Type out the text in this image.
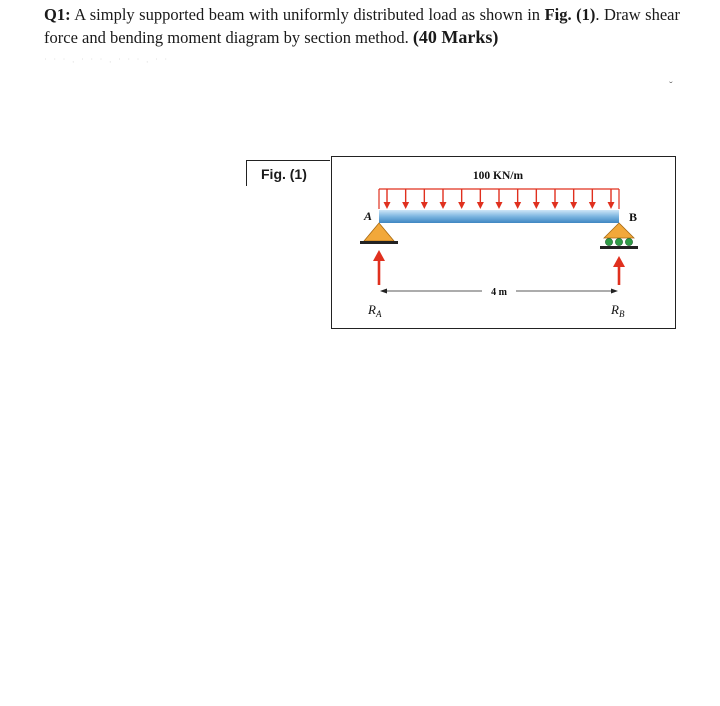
Q1: A simply supported beam with uniformly distributed load as shown in Fig. (1). Draw shear force and bending moment diagram by section method. (40 Marks)
˙ ˙ ˙ · ˙ ˙ ˙ · ˙ ˙ ˙ · ˙ ˙
ˇ
Fig. (1)	100 KN/m
A	B
4 m
$R_A$	$R_B$
